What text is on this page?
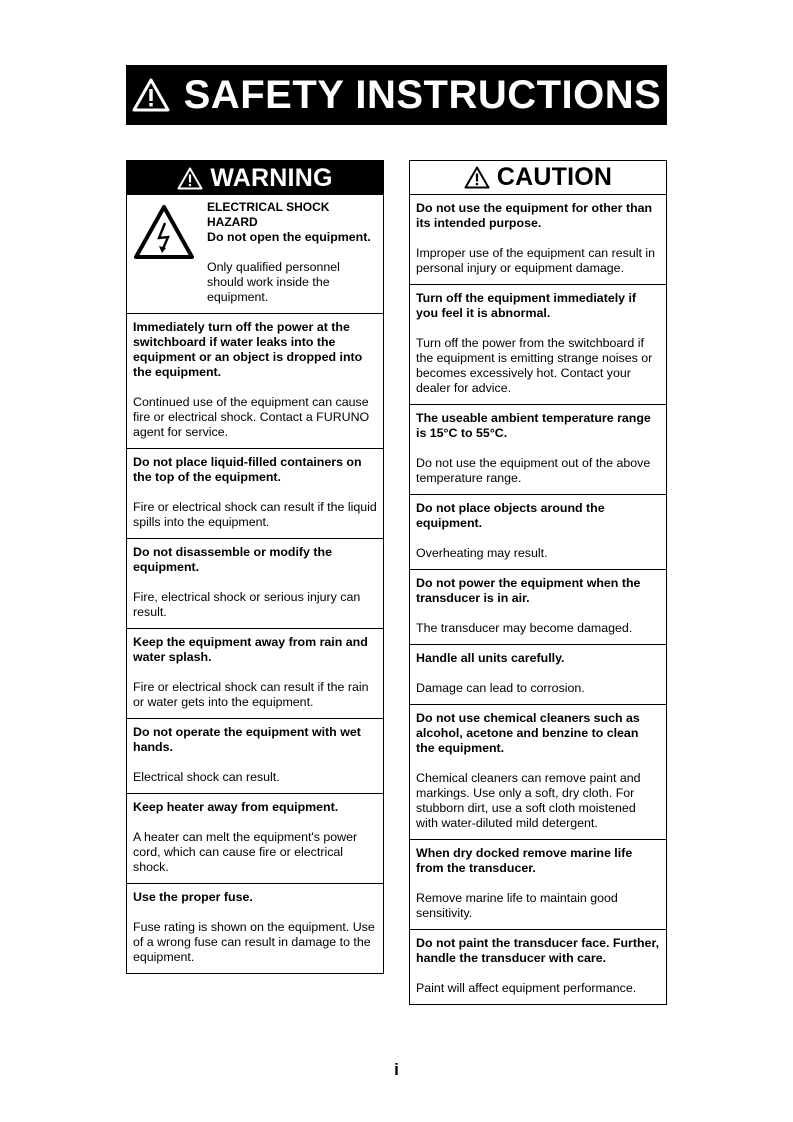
SAFETY INSTRUCTIONS
WARNING
ELECTRICAL SHOCK HAZARD
Do not open the equipment.
Only qualified personnel should work inside the equipment.
Immediately turn off the power at the switchboard if water leaks into the equipment or an object is dropped into the equipment.
Continued use of the equipment can cause fire or electrical shock. Contact a FURUNO agent for service.
Do not place liquid-filled containers on the top of the equipment.
Fire or electrical shock can result if the liquid spills into the equipment.
Do not disassemble or modify the equipment.
Fire, electrical shock or serious injury can result.
Keep the equipment away from rain and water splash.
Fire or electrical shock can result if the rain or water gets into the equipment.
Do not operate the equipment with wet hands.
Electrical shock can result.
Keep heater away from equipment.
A heater can melt the equipment's power cord, which can cause fire or electrical shock.
Use the proper fuse.
Fuse rating is shown on the equipment. Use of a wrong fuse can result in damage to the equipment.
CAUTION
Do not use the equipment for other than its intended purpose.
Improper use of the equipment can result in personal injury or equipment damage.
Turn off the equipment immediately if you feel it is abnormal.
Turn off the power from the switchboard if the equipment is emitting strange noises or becomes excessively hot. Contact your dealer for advice.
The useable ambient temperature range is 15°C to 55°C.
Do not use the equipment out of the above temperature range.
Do not place objects around the equipment.
Overheating may result.
Do not power the equipment when the transducer is in air.
The transducer may become damaged.
Handle all units carefully.
Damage can lead to corrosion.
Do not use chemical cleaners such as alcohol, acetone and benzine to clean the equipment.
Chemical cleaners can remove paint and markings. Use only a soft, dry cloth. For stubborn dirt, use a soft cloth moistened with water-diluted mild detergent.
When dry docked remove marine life from the transducer.
Remove marine life to maintain good sensitivity.
Do not paint the transducer face. Further, handle the transducer with care.
Paint will affect equipment performance.
i
